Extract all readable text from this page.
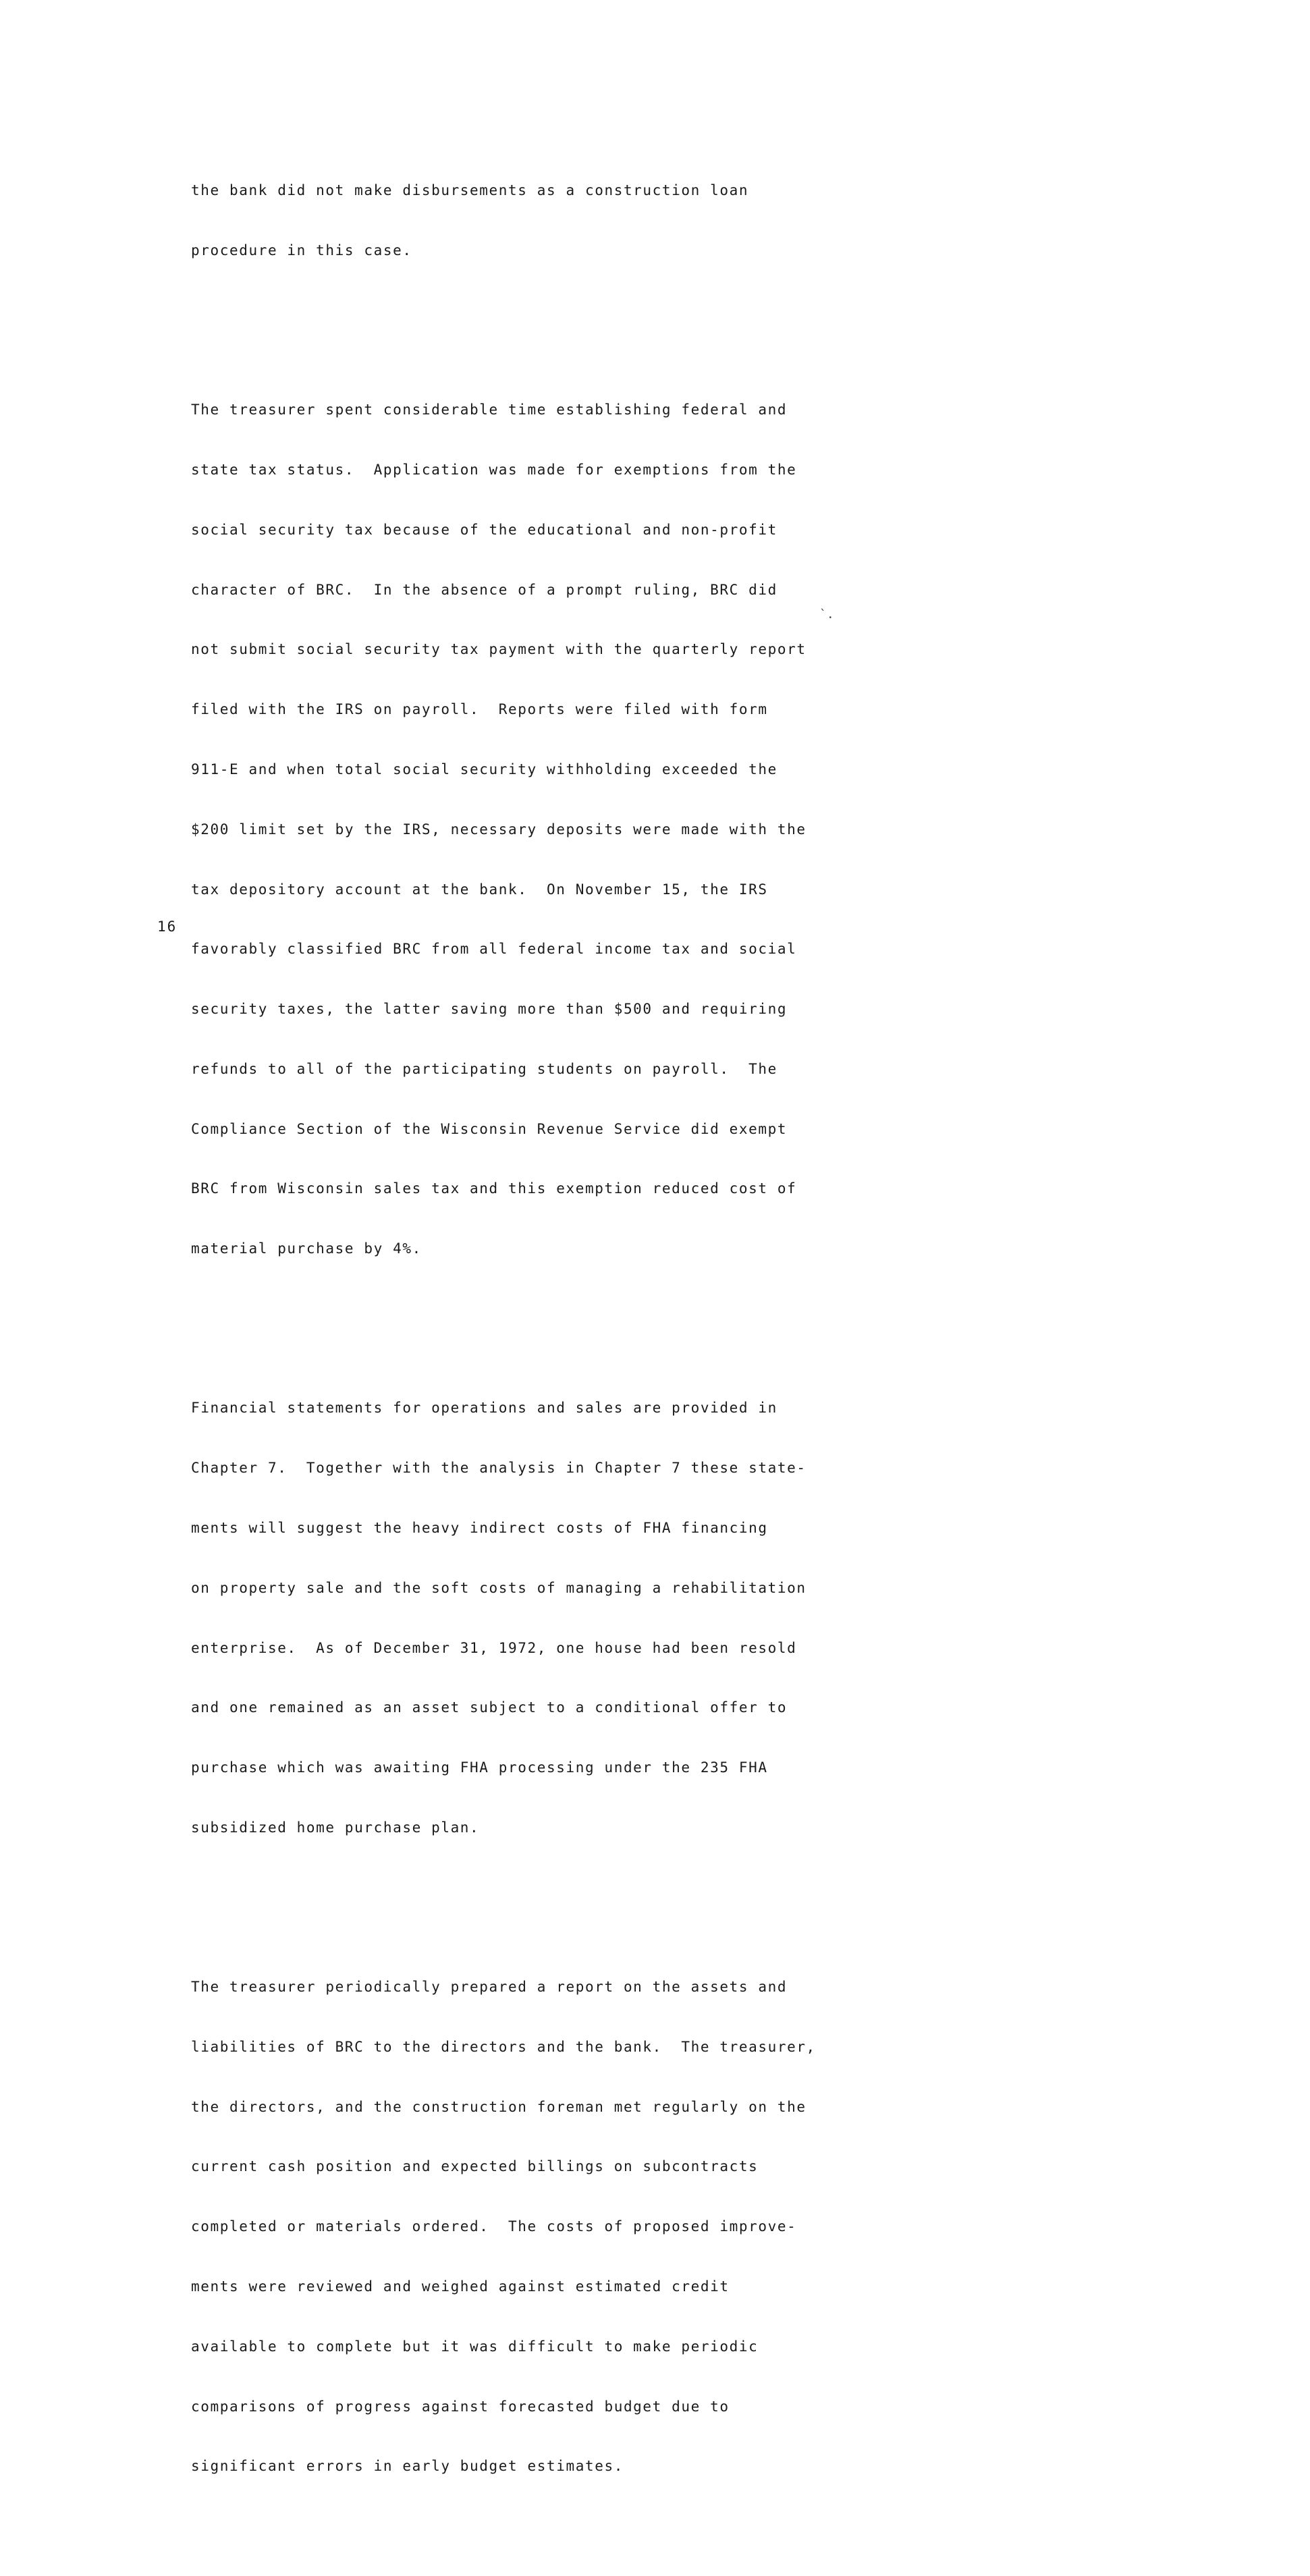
the bank did not make disbursements as a construction loan

procedure in this case.

The treasurer spent considerable time establishing federal and

state tax status.  Application was made for exemptions from the

social security tax because of the educational and non-profit

character of BRC.  In the absence of a prompt ruling, BRC did

not submit social security tax payment with the quarterly report

filed with the IRS on payroll.  Reports were filed with form

911-E and when total social security withholding exceeded the

$200 limit set by the IRS, necessary deposits were made with the

tax depository account at the bank.  On November 15, the IRS

favorably classified BRC from all federal income tax and social

security taxes, the latter saving more than $500 and requiring

refunds to all of the participating students on payroll.  The

Compliance Section of the Wisconsin Revenue Service did exempt

BRC from Wisconsin sales tax and this exemption reduced cost of

material purchase by 4%.

Financial statements for operations and sales are provided in

Chapter 7.  Together with the analysis in Chapter 7 these state-

ments will suggest the heavy indirect costs of FHA financing

on property sale and the soft costs of managing a rehabilitation

enterprise.  As of December 31, 1972, one house had been resold

and one remained as an asset subject to a conditional offer to

purchase which was awaiting FHA processing under the 235 FHA

subsidized home purchase plan.

The treasurer periodically prepared a report on the assets and

liabilities of BRC to the directors and the bank.  The treasurer,

the directors, and the construction foreman met regularly on the

current cash position and expected billings on subcontracts

completed or materials ordered.  The costs of proposed improve-

ments were reviewed and weighed against estimated credit

available to complete but it was difficult to make periodic

comparisons of progress against forecasted budget due to

significant errors in early budget estimates.

`.
16
